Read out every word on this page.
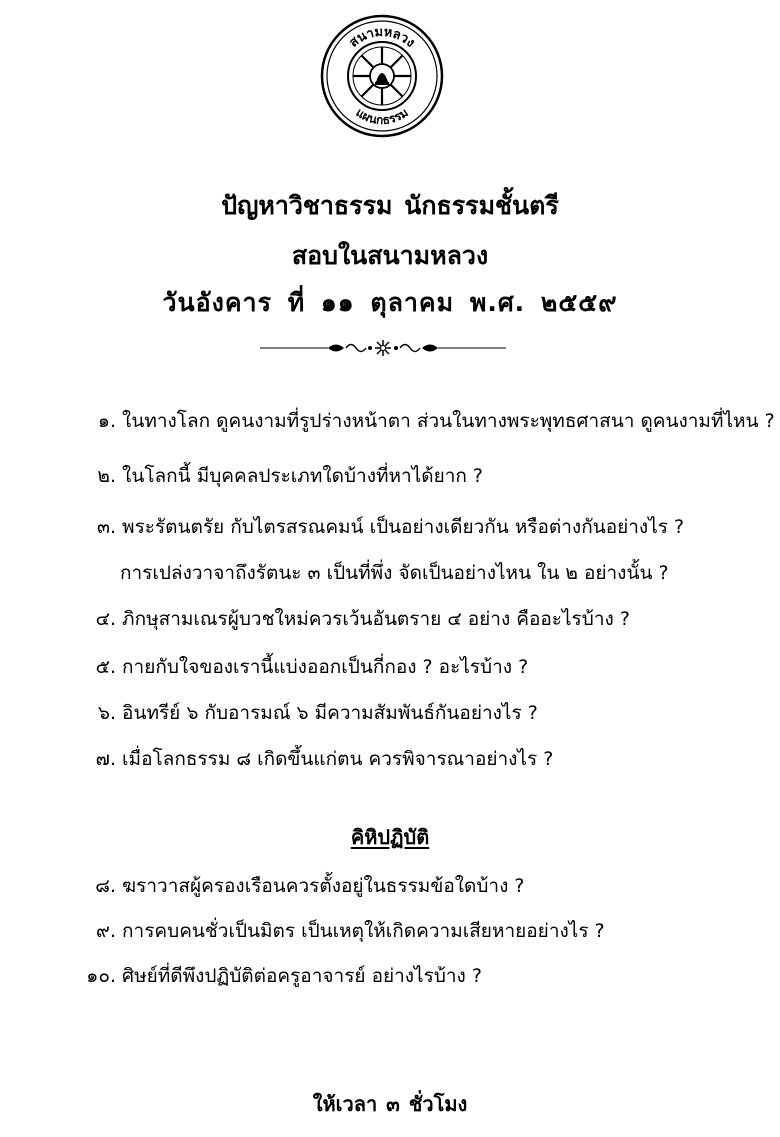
สนามหลวง
แผนกธรรม
ปัญหาวิชาธรรม นักธรรมชั้นตรี
สอบในสนามหลวง
วันอังคาร ที่ ๑๑ ตุลาคม พ.ศ. ๒๕๕๙
๑. ในทางโลก ดูคนงามที่รูปร่างหน้าตา ส่วนในทางพระพุทธศาสนา ดูคนงามที่ไหน ?
๒. ในโลกนี้ มีบุคคลประเภทใดบ้างที่หาได้ยาก ?
๓. พระรัตนตรัย กับไตรสรณคมน์ เป็นอย่างเดียวกัน หรือต่างกันอย่างไร ?
การเปล่งวาจาถึงรัตนะ ๓ เป็นที่พึ่ง จัดเป็นอย่างไหน ใน ๒ อย่างนั้น ?
๔. ภิกษุสามเณรผู้บวชใหม่ควรเว้นอันตราย ๔ อย่าง คืออะไรบ้าง ?
๕. กายกับใจของเรานี้แบ่งออกเป็นกี่กอง ? อะไรบ้าง ?
๖. อินทรีย์ ๖ กับอารมณ์ ๖ มีความสัมพันธ์กันอย่างไร ?
๗. เมื่อโลกธรรม ๘ เกิดขึ้นแก่ตน ควรพิจารณาอย่างไร ?
คิหิปฏิบัติ
๘. ฆราวาสผู้ครองเรือนควรตั้งอยู่ในธรรมข้อใดบ้าง ?
๙. การคบคนชั่วเป็นมิตร เป็นเหตุให้เกิดความเสียหายอย่างไร ?
๑๐. ศิษย์ที่ดีพึงปฏิบัติต่อครูอาจารย์ อย่างไรบ้าง ?
ให้เวลา ๓ ชั่วโมง
